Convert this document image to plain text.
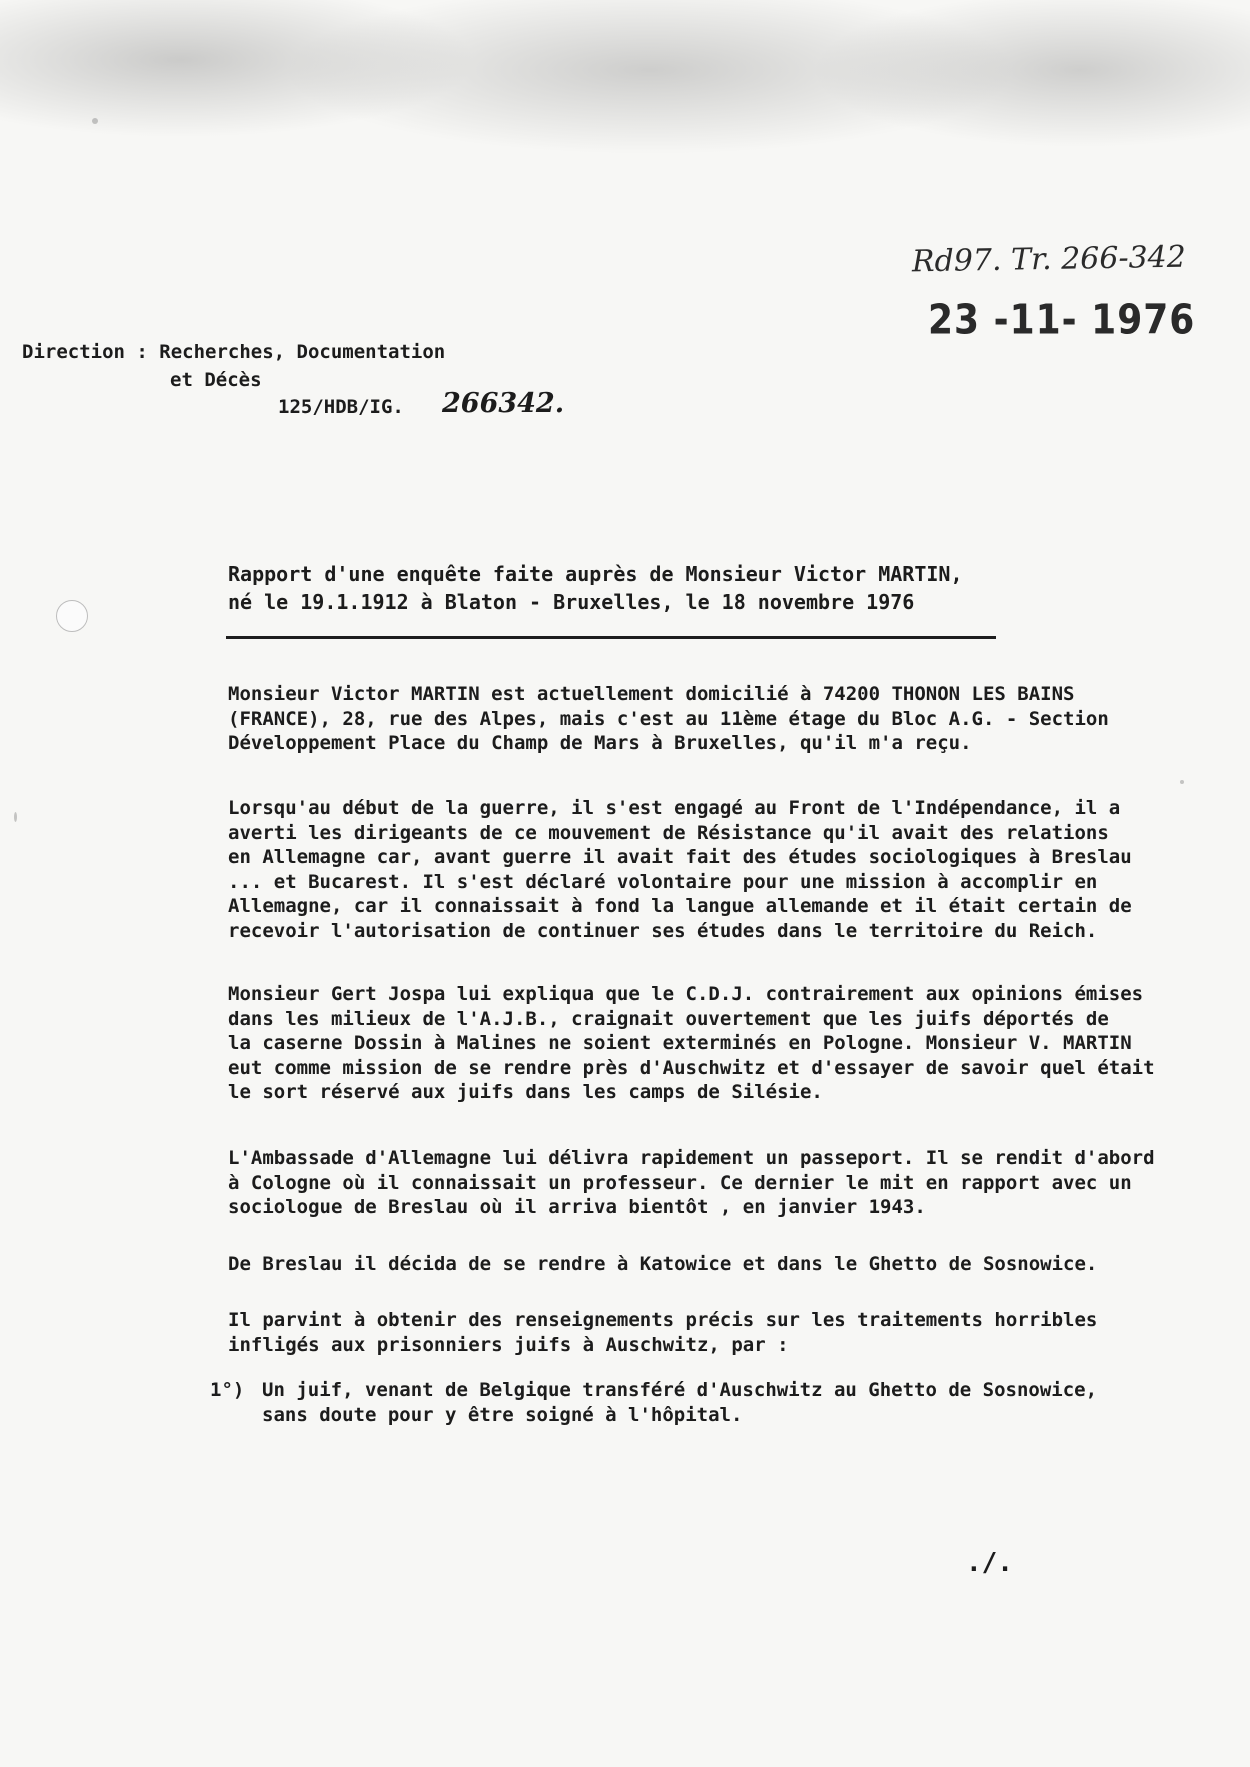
Rd97. Tr. 266-342
23 -11- 1976
Direction : Recherches, Documentation
et Décès
125/HDB/IG. 266342.
Rapport d'une enquête faite auprès de Monsieur Victor MARTIN,
né le 19.1.1912 à Blaton - Bruxelles, le 18 novembre 1976
Monsieur Victor MARTIN est actuellement domicilié à 74200 THONON LES BAINS
(FRANCE), 28, rue des Alpes, mais c'est au 11ème étage du Bloc A.G. - Section
Développement Place du Champ de Mars à Bruxelles, qu'il m'a reçu.
Lorsqu'au début de la guerre, il s'est engagé au Front de l'Indépendance, il a
averti les dirigeants de ce mouvement de Résistance qu'il avait des relations
en Allemagne car, avant guerre il avait fait des études sociologiques à Breslau
... et Bucarest. Il s'est déclaré volontaire pour une mission à accomplir en
Allemagne, car il connaissait à fond la langue allemande et il était certain de
recevoir l'autorisation de continuer ses études dans le territoire du Reich.
Monsieur Gert Jospa lui expliqua que le C.D.J. contrairement aux opinions émises
dans les milieux de l'A.J.B., craignait ouvertement que les juifs déportés de
la caserne Dossin à Malines ne soient exterminés en Pologne. Monsieur V. MARTIN
eut comme mission de se rendre près d'Auschwitz et d'essayer de savoir quel était
le sort réservé aux juifs dans les camps de Silésie.
L'Ambassade d'Allemagne lui délivra rapidement un passeport. Il se rendit d'abord
à Cologne où il connaissait un professeur. Ce dernier le mit en rapport avec un
sociologue de Breslau où il arriva bientôt , en janvier 1943.
De Breslau il décida de se rendre à Katowice et dans le Ghetto de Sosnowice.
Il parvint à obtenir des renseignements précis sur les traitements horribles
infligés aux prisonniers juifs à Auschwitz, par :
1°) Un juif, venant de Belgique transféré d'Auschwitz au Ghetto de Sosnowice,
sans doute pour y être soigné à l'hôpital.
./.
